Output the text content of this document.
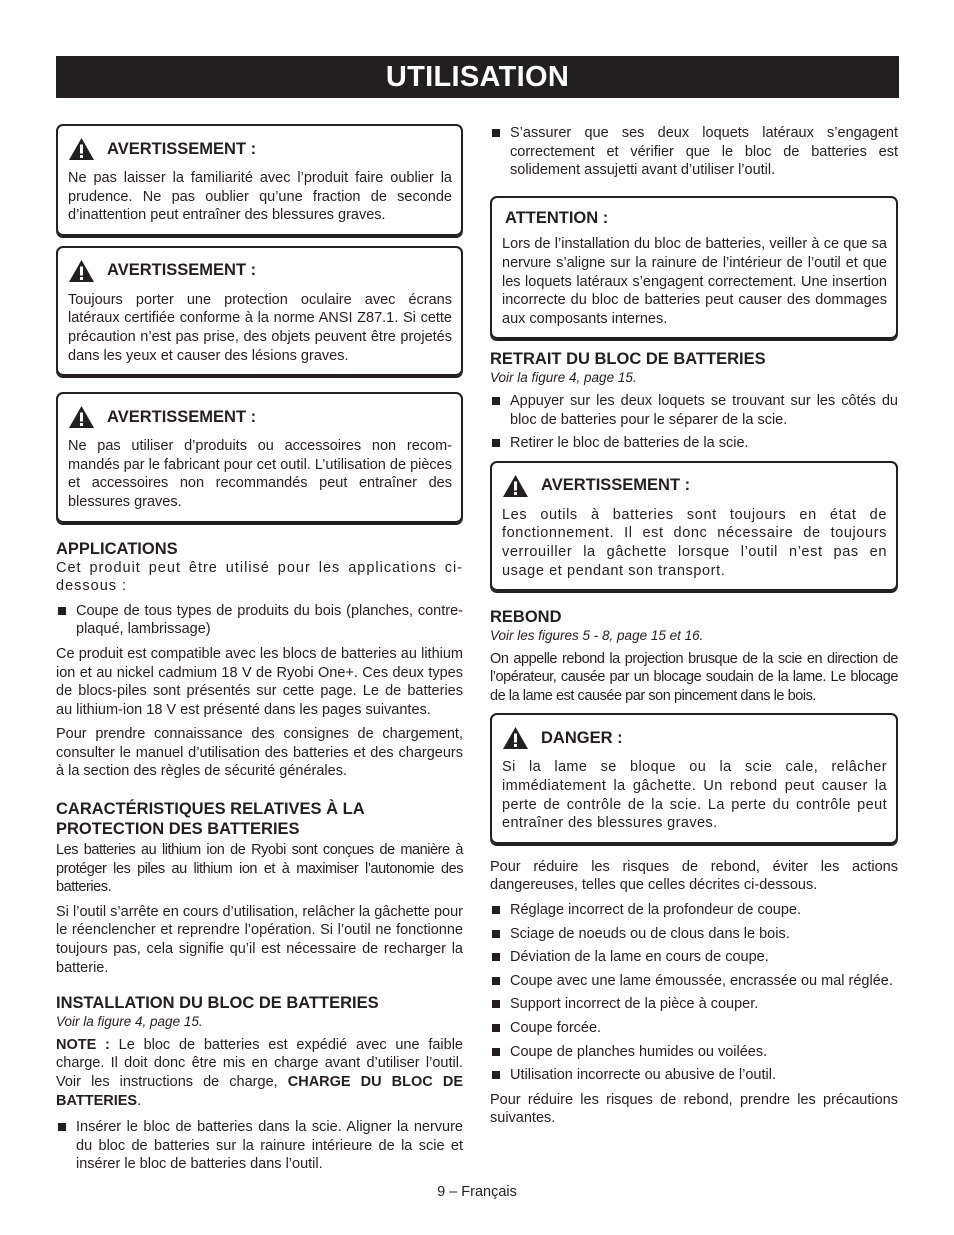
UTILISATION
AVERTISSEMENT :

Ne pas laisser la familiarité avec l’produit faire oublier la prudence. Ne pas oublier qu’une fraction de seconde d’inattention peut entraîner des blessures graves.

AVERTISSEMENT :

Toujours porter une protection oculaire avec écrans latéraux certifiée conforme à la norme ANSI Z87.1. Si cette précaution n’est pas prise, des objets peuvent être projetés dans les yeux et causer des lésions graves.

AVERTISSEMENT :

Ne pas utiliser d’produits ou accessoires non recom-mandés par le fabricant pour cet outil. L’utilisation de pièces et accessoires non recommandés peut entraîner des blessures graves.

APPLICATIONS

Cet produit peut être utilisé pour les applications ci-dessous :

Coupe de tous types de produits du bois (planches, contre-plaqué, lambrissage)

Ce produit est compatible avec les blocs de batteries au lithium ion et au nickel cadmium 18 V de Ryobi One+. Ces deux types de blocs-piles sont présentés sur cette page. Le de batteries au lithium-ion 18 V est présenté dans les pages suivantes.

Pour prendre connaissance des consignes de chargement, consulter le manuel d’utilisation des batteries et des chargeurs à la section des règles de sécurité générales.

CARACTÉRISTIQUES RELATIVES À LA PROTECTION DES BATTERIES

Les batteries au lithium ion de Ryobi sont conçues de manière à protéger les piles au lithium ion et à maximiser l’autonomie des batteries.

Si l’outil s’arrête en cours d’utilisation, relâcher la gâchette pour le réenclencher et reprendre l’opération. Si l’outil ne fonctionne toujours pas, cela signifie qu’il est nécessaire de recharger la batterie.

INSTALLATION DU BLOC DE BATTERIES

Voir la figure 4, page 15.

NOTE : Le bloc de batteries est expédié avec une faible charge. Il doit donc être mis en charge avant d’utiliser l’outil. Voir les instructions de charge, CHARGE DU BLOC DE BATTERIES.

Insérer le bloc de batteries dans la scie. Aligner la nervure du bloc de batteries sur la rainure intérieure de la scie et insérer le bloc de batteries dans l’outil.
S’assurer que ses deux loquets latéraux s’engagent correctement et vérifier que le bloc de batteries est solidement assujetti avant d’utiliser l’outil.
ATTENTION :

Lors de l’installation du bloc de batteries, veiller à ce que sa nervure s’aligne sur la rainure de l’intérieur de l’outil et que les loquets latéraux s’engagent correctement. Une insertion incorrecte du bloc de batteries peut causer des dommages aux composants internes.

RETRAIT DU BLOC DE BATTERIES

Voir la figure 4, page 15.

Appuyer sur les deux loquets se trouvant sur les côtés du bloc de batteries pour le séparer de la scie.
Retirer le bloc de batteries de la scie.
AVERTISSEMENT :

Les outils à batteries sont toujours en état de fonctionnement. Il est donc nécessaire de toujours verrouiller la gâchette lorsque l’outil n’est pas en usage et pendant son transport.

REBOND

Voir les figures 5 - 8, page 15 et 16.

On appelle rebond la projection brusque de la scie en direction de l’opérateur, causée par un blocage soudain de la lame. Le blocage de la lame est causée par son pincement dans le bois.

DANGER :

Si la lame se bloque ou la scie cale, relâcher immédiatement la gâchette. Un rebond peut causer la perte de contrôle de la scie. La perte du contrôle peut entraîner des blessures graves.

Pour réduire les risques de rebond, éviter les actions dangereuses, telles que celles décrites ci-dessous.

Réglage incorrect de la profondeur de coupe.
Sciage de noeuds ou de clous dans le bois.
Déviation de la lame en cours de coupe.
Coupe avec une lame émoussée, encrassée ou mal réglée.
Support incorrect de la pièce à couper.
Coupe forcée.
Coupe de planches humides ou voilées.
Utilisation incorrecte ou abusive de l’outil.

Pour réduire les risques de rebond, prendre les précautions suivantes.

9 – Français
